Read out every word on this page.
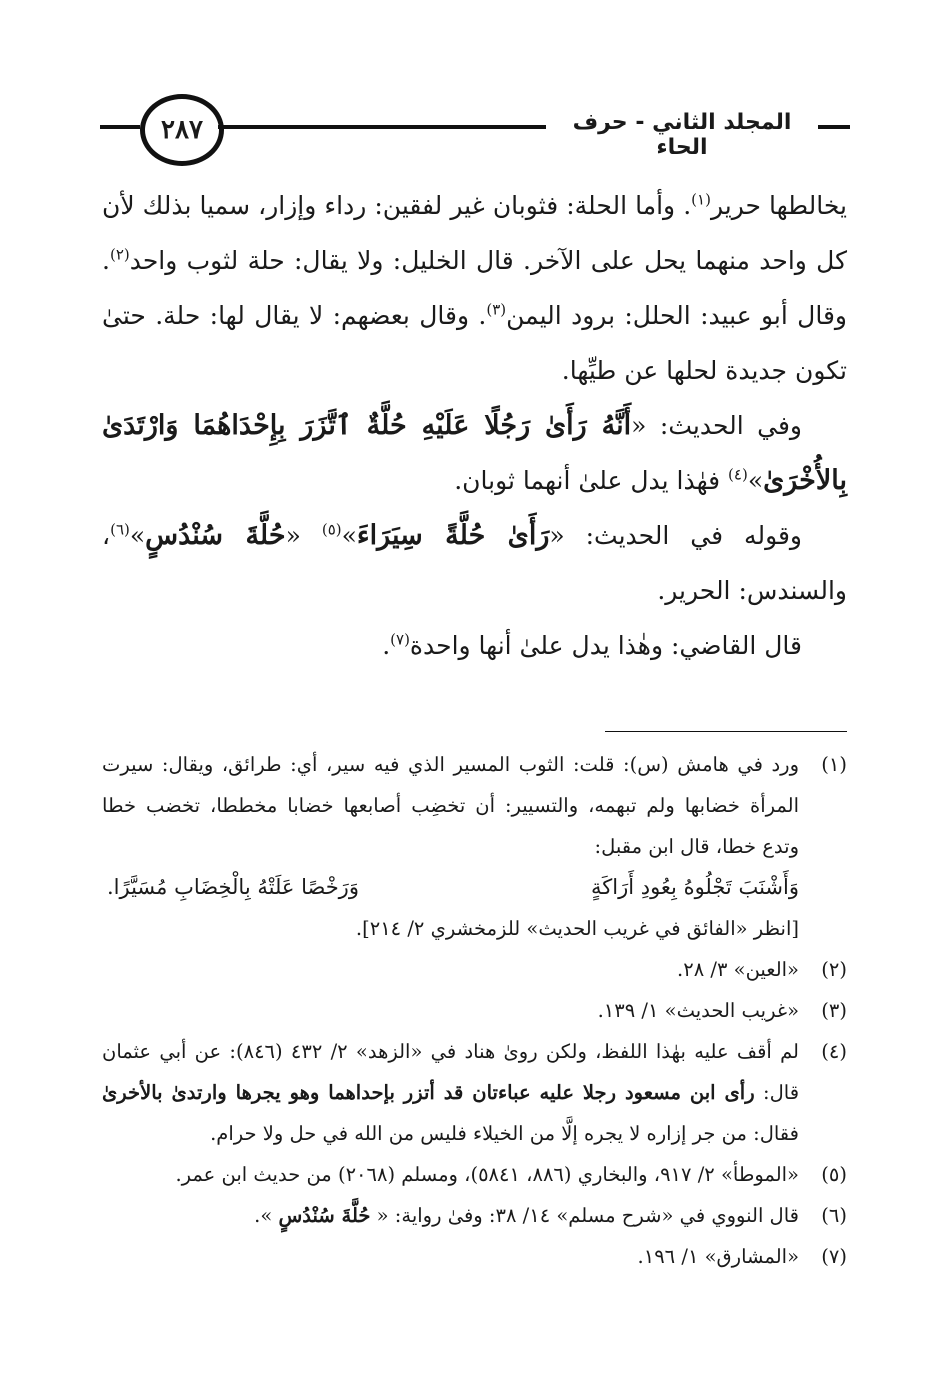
٢٨٧	المجلد الثاني - حرف الحاء

يخالطها حرير$^{(١)}$. وأما الحلة: فثوبان غير لفقين: رداء وإزار، سميا بذلك لأن كل واحد منهما يحل على الآخر. قال الخليل: ولا يقال: حلة لثوب واحد$^{(٢)}$. وقال أبو عبيد: الحلل: برود اليمن$^{(٣)}$. وقال بعضهم: لا يقال لها: حلة. حتىٰ تكون جديدة لحلها عن طيِّها.

وفي الحديث: «أَنَّهُ رَأَىٰ رَجُلًا عَلَيْهِ حُلَّةٌ ٱتَّزَرَ بِإِحْدَاهُمَا وَارْتَدَىٰ بِالأُخْرَىٰ»$^{(٤)}$ فهٰذا يدل علىٰ أنهما ثوبان.

وقوله في الحديث: «رَأَىٰ حُلَّةً سِيَرَاءَ»$^{(٥)}$ «حُلَّةَ سُنْدُسٍ»$^{(٦)}$، والسندس: الحرير.

قال القاضي: وهٰذا يدل علىٰ أنها واحدة$^{(٧)}$.

(١)

ورد في هامش (س): قلت: الثوب المسير الذي فيه سير، أي: طرائق، ويقال: سيرت المرأة خضابها ولم تبهمه، والتسيير: أن تخضِب أصابعها خضابا مخططا، تخضب خطا وتدع خطا، قال ابن مقبل:

وَأَشْنَبَ تَجْلُوهُ بِعُودِ أَرَاكَةٍ
وَرَخْصًا عَلَتْهُ بِالْخِضَابِ مُسَيَّرًا.

[انظر «الفائق في غريب الحديث» للزمخشري ٢/ ٢١٤].

(٢)
«العين» ٣/ ٢٨.
(٣)
«غريب الحديث» ١/ ١٣٩.
(٤)
لم أقف عليه بهٰذا اللفظ، ولكن روىٰ هناد في «الزهد» ٢/ ٤٣٢ (٨٤٦): عن أبي عثمان قال: رأى ابن مسعود رجلا عليه عباءتان قد أتزر بإحداهما وهو يجرها وارتدىٰ بالأخرىٰ فقال: من جر إزاره لا يجره إلَّا من الخيلاء فليس من الله في حل ولا حرام.
(٥)
«الموطأ» ٢/ ٩١٧، والبخاري (٨٨٦، ٥٨٤١)، ومسلم (٢٠٦٨) من حديث ابن عمر.
(٦)
قال النووي في «شرح مسلم» ١٤/ ٣٨: وفىٰ رواية: « حُلَّةَ سُنْدُسٍ ».
(٧)
«المشارق» ١/ ١٩٦.
